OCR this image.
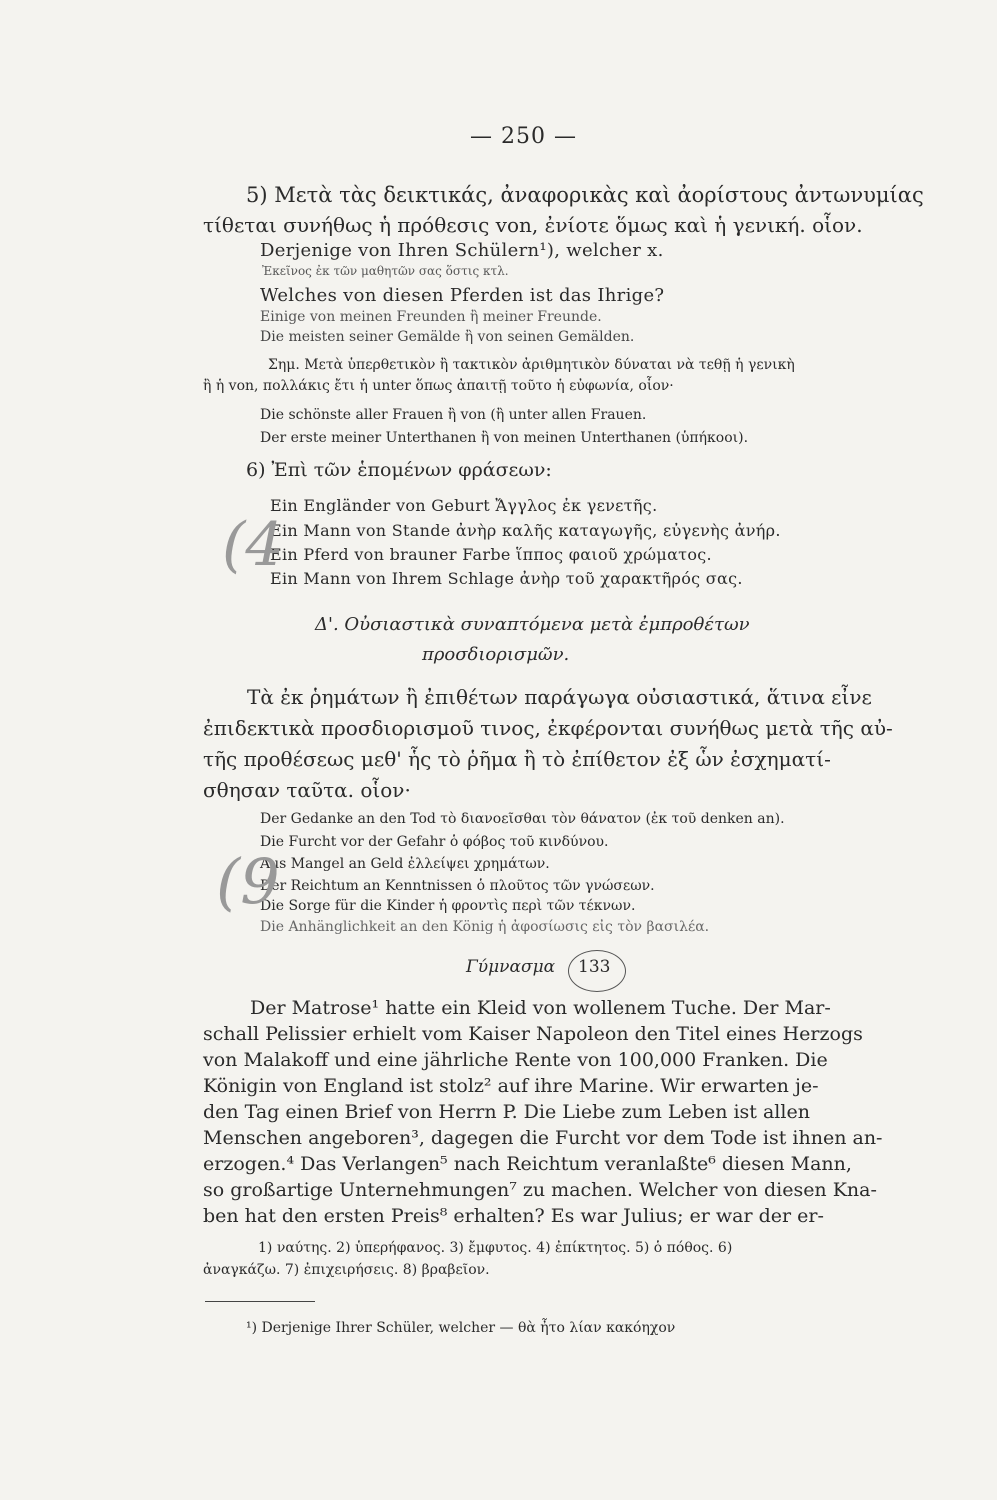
— 250 —
5) Μετὰ τὰς δεικτικάς, ἀναφορικὰς καὶ ἀορίστους ἀντωνυμίας
τίθεται συνήθως ἡ πρόθεσις von, ἐνίοτε ὅμως καὶ ἡ γενική. οἷον.
Derjenige von Ihren Schülern¹), welcher x.
Ἐκεῖνος ἐκ τῶν μαθητῶν σας ὅστις κτλ.
Welches von diesen Pferden ist das Ihrige?
Einige von meinen Freunden ἢ meiner Freunde.
Die meisten seiner Gemälde ἢ von seinen Gemälden.
Σημ. Μετὰ ὑπερθετικὸν ἢ τακτικὸν ἀριθμητικὸν δύναται νὰ τεθῇ ἡ γενικὴ
ἢ ἡ von, πολλάκις ἔτι ἡ unter ὅπως ἀπαιτῇ τοῦτο ἡ εὐφωνία, οἷον·
Die schönste aller Frauen ἢ von (ἢ unter allen Frauen.
Der erste meiner Unterthanen ἢ von meinen Unterthanen (ὑπήκοοι).
6) Ἐπὶ τῶν ἑπομένων φράσεων:
Ein Engländer von Geburt Ἄγγλος ἐκ γενετῆς.
Ein Mann von Stande ἀνὴρ καλῆς καταγωγῆς, εὐγενὴς ἀνήρ.
Ein Pferd von brauner Farbe ἵππος φαιοῦ χρώματος.
Ein Mann von Ihrem Schlage ἀνὴρ τοῦ χαρακτῆρός σας.
(4
Δ'. Οὐσιαστικὰ συναπτόμενα μετὰ ἐμπροθέτων
προσδιορισμῶν.
Τὰ ἐκ ῥημάτων ἢ ἐπιθέτων παράγωγα οὐσιαστικά, ἅτινα εἶνε
ἐπιδεκτικὰ προσδιορισμοῦ τινος, ἐκφέρονται συνήθως μετὰ τῆς αὐ-
τῆς προθέσεως μεθ' ἧς τὸ ῥῆμα ἢ τὸ ἐπίθετον ἐξ ὧν ἐσχηματί-
σθησαν ταῦτα. οἷον·
Der Gedanke an den Tod τὸ διανοεῖσθαι τὸν θάνατον (ἐκ τοῦ denken an).
Die Furcht vor der Gefahr ὁ φόβος τοῦ κινδύνου.
Aus Mangel an Geld ἐλλείψει χρημάτων.
Der Reichtum an Kenntnissen ὁ πλοῦτος τῶν γνώσεων.
Die Sorge für die Kinder ἡ φροντὶς περὶ τῶν τέκνων.
Die Anhänglichkeit an den König ἡ ἀφοσίωσις εἰς τὸν βασιλέα.
(9
Γύμνασμα 133
Der Matrose¹ hatte ein Kleid von wollenem Tuche. Der Mar-
schall Pelissier erhielt vom Kaiser Napoleon den Titel eines Herzogs
von Malakoff und eine jährliche Rente von 100,000 Franken. Die
Königin von England ist stolz² auf ihre Marine. Wir erwarten je-
den Tag einen Brief von Herrn P. Die Liebe zum Leben ist allen
Menschen angeboren³, dagegen die Furcht vor dem Tode ist ihnen an-
erzogen.⁴ Das Verlangen⁵ nach Reichtum veranlaßte⁶ diesen Mann,
so großartige Unternehmungen⁷ zu machen. Welcher von diesen Kna-
ben hat den ersten Preis⁸ erhalten? Es war Julius; er war der er-
1) ναύτης. 2) ὑπερήφανος. 3) ἔμφυτος. 4) ἐπίκτητος. 5) ὁ πόθος. 6)
ἀναγκάζω. 7) ἐπιχειρήσεις. 8) βραβεῖον.
¹) Derjenige Ihrer Schüler, welcher — θὰ ἦτο λίαν κακόηχον
